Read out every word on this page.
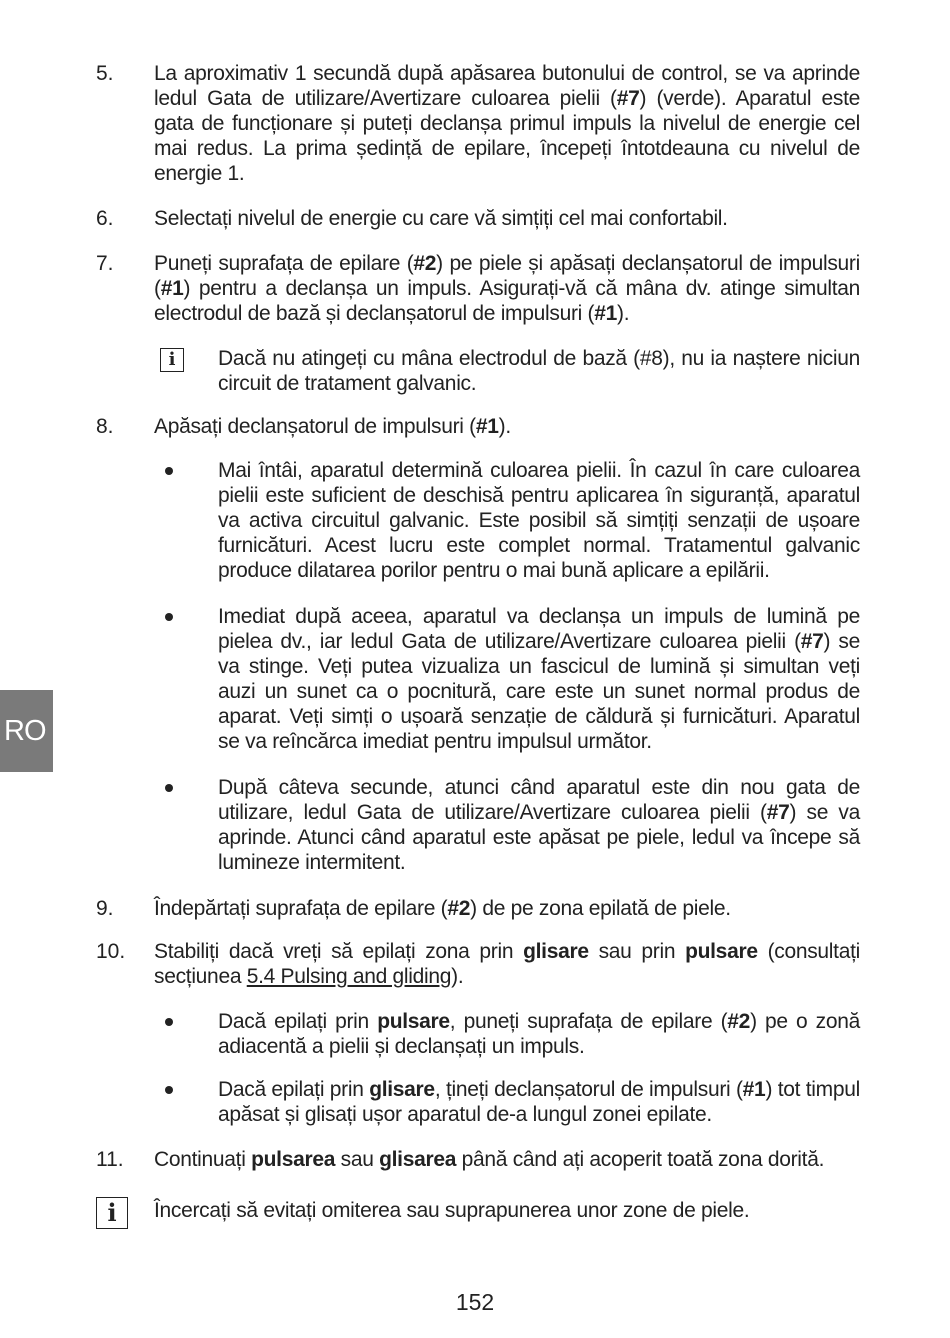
5.	La aproximativ 1 secundă după apăsarea butonului de control, se va aprinde ledul Gata de utilizare/Avertizare culoarea pielii (#7) (verde). Aparatul este gata de funcționare și puteți declanșa primul impuls la nivelul de energie cel mai redus. La prima ședință de epilare, începeți întotdeauna cu nivelul de energie 1.
6.	Selectați nivelul de energie cu care vă simțiți cel mai confortabil.
7.	Puneți suprafața de epilare (#2) pe piele și apăsați declanșatorul de impulsuri (#1) pentru a declanșa un impuls. Asigurați-vă că mâna dv. atinge simultan electrodul de bază și declanșatorul de impulsuri (#1).
i	Dacă nu atingeți cu mâna electrodul de bază (#8), nu ia naștere niciun circuit de tratament galvanic.
8.	Apăsați declanșatorul de impulsuri (#1).
Mai întâi, aparatul determină culoarea pielii. În cazul în care culoarea pielii este suficient de deschisă pentru aplicarea în siguranță, aparatul va activa circuitul galvanic. Este posibil să simțiți senzații de ușoare furnicături. Acest lucru este complet normal. Tratamentul galvanic produce dilatarea porilor pentru o mai bună aplicare a epilării.
Imediat după aceea, aparatul va declanșa un impuls de lumină pe pielea dv., iar ledul Gata de utilizare/Avertizare culoarea pielii (#7) se va stinge. Veți putea vizualiza un fascicul de lumină și simultan veți auzi un sunet ca o pocnitură, care este un sunet normal produs de aparat. Veți simți o ușoară senzație de căldură și furnicături. Aparatul se va reîncărca imediat pentru impulsul următor.
După câteva secunde, atunci când aparatul este din nou gata de utilizare, ledul Gata de utilizare/Avertizare culoarea pielii (#7) se va aprinde. Atunci când aparatul este apăsat pe piele, ledul va începe să lumineze intermitent.
9.	Îndepărtați suprafața de epilare (#2) de pe zona epilată de piele.
10.	Stabiliți dacă vreți să epilați zona prin glisare sau prin pulsare (consultați secțiunea 5.4 Pulsing and gliding).
Dacă epilați prin pulsare, puneți suprafața de epilare (#2) pe o zonă adiacentă a pielii și declanșați un impuls.
Dacă epilați prin glisare, țineți declanșatorul de impulsuri (#1) tot timpul apăsat și glisați ușor aparatul de-a lungul zonei epilate.
11.	Continuați pulsarea sau glisarea până când ați acoperit toată zona dorită.
i	Încercați să evitați omiterea sau suprapunerea unor zone de piele.
RO
152
